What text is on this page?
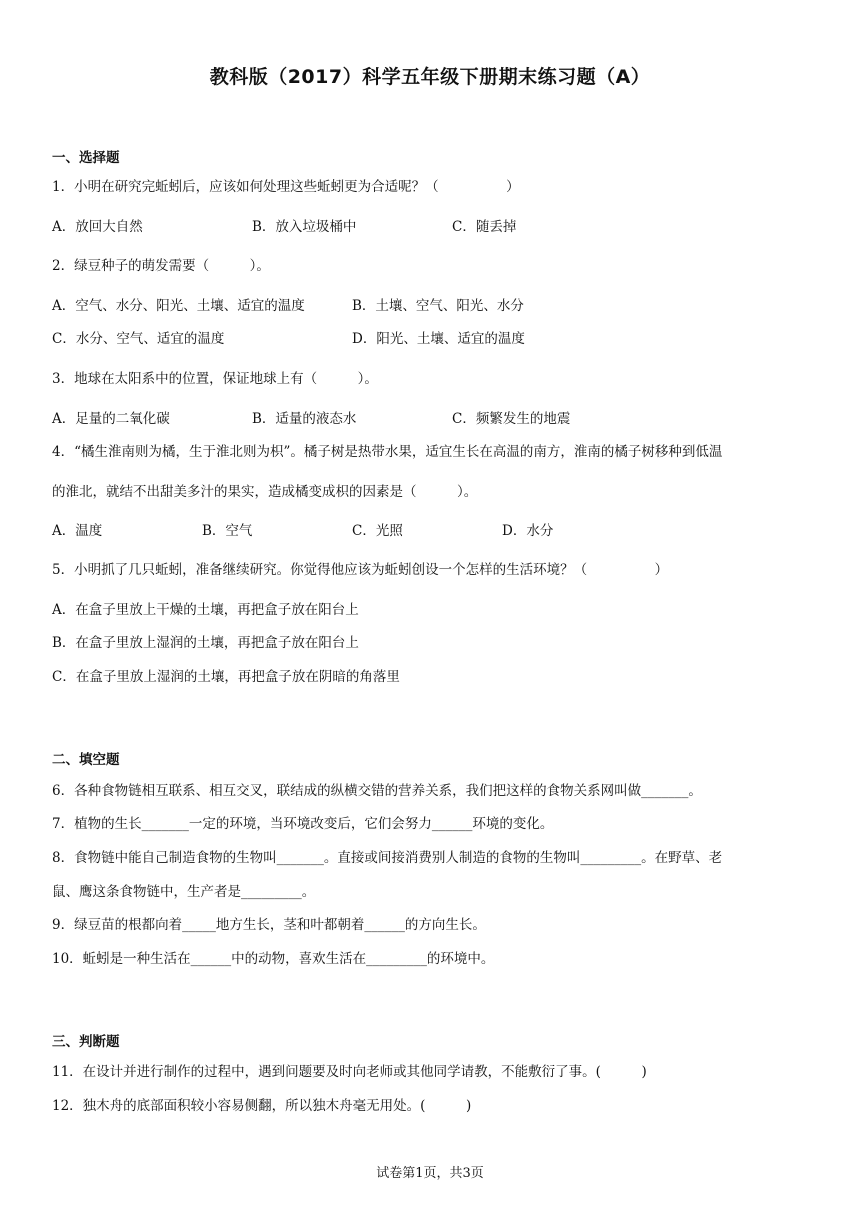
教科版（2017）科学五年级下册期末练习题（A）
一、选择题
1．小明在研究完蚯蚓后，应该如何处理这些蚯蚓更为合适呢？（　　　　　）
A．放回大自然	B．放入垃圾桶中	C．随丢掉
2．绿豆种子的萌发需要（　　　）。
A．空气、水分、阳光、土壤、适宜的温度	B．土壤、空气、阳光、水分
C．水分、空气、适宜的温度	D．阳光、土壤、适宜的温度
3．地球在太阳系中的位置，保证地球上有（　　　）。
A．足量的二氧化碳	B．适量的液态水	C．频繁发生的地震
4．“橘生淮南则为橘，生于淮北则为枳”。橘子树是热带水果，适宜生长在高温的南方，淮南的橘子树移种到低温
的淮北，就结不出甜美多汁的果实，造成橘变成枳的因素是（　　　）。
A．温度	B．空气	C．光照	D．水分
5．小明抓了几只蚯蚓，准备继续研究。你觉得他应该为蚯蚓创设一个怎样的生活环境？（　　　　　）
A．在盒子里放上干燥的土壤，再把盒子放在阳台上
B．在盒子里放上湿润的土壤，再把盒子放在阳台上
C．在盒子里放上湿润的土壤，再把盒子放在阴暗的角落里
二、填空题
6．各种食物链相互联系、相互交叉，联结成的纵横交错的营养关系，我们把这样的食物关系网叫做_______。
7．植物的生长_______一定的环境，当环境改变后，它们会努力______环境的变化。
8．食物链中能自己制造食物的生物叫_______。直接或间接消费别人制造的食物的生物叫_________。在野草、老
鼠、鹰这条食物链中，生产者是_________。
9．绿豆苗的根都向着_____地方生长，茎和叶都朝着______的方向生长。
10．蚯蚓是一种生活在______中的动物，喜欢生活在_________的环境中。
三、判断题
11．在设计并进行制作的过程中，遇到问题要及时向老师或其他同学请教，不能敷衍了事。(　　　)
12．独木舟的底部面积较小容易侧翻，所以独木舟毫无用处。(　　　)
试卷第1页，共3页
